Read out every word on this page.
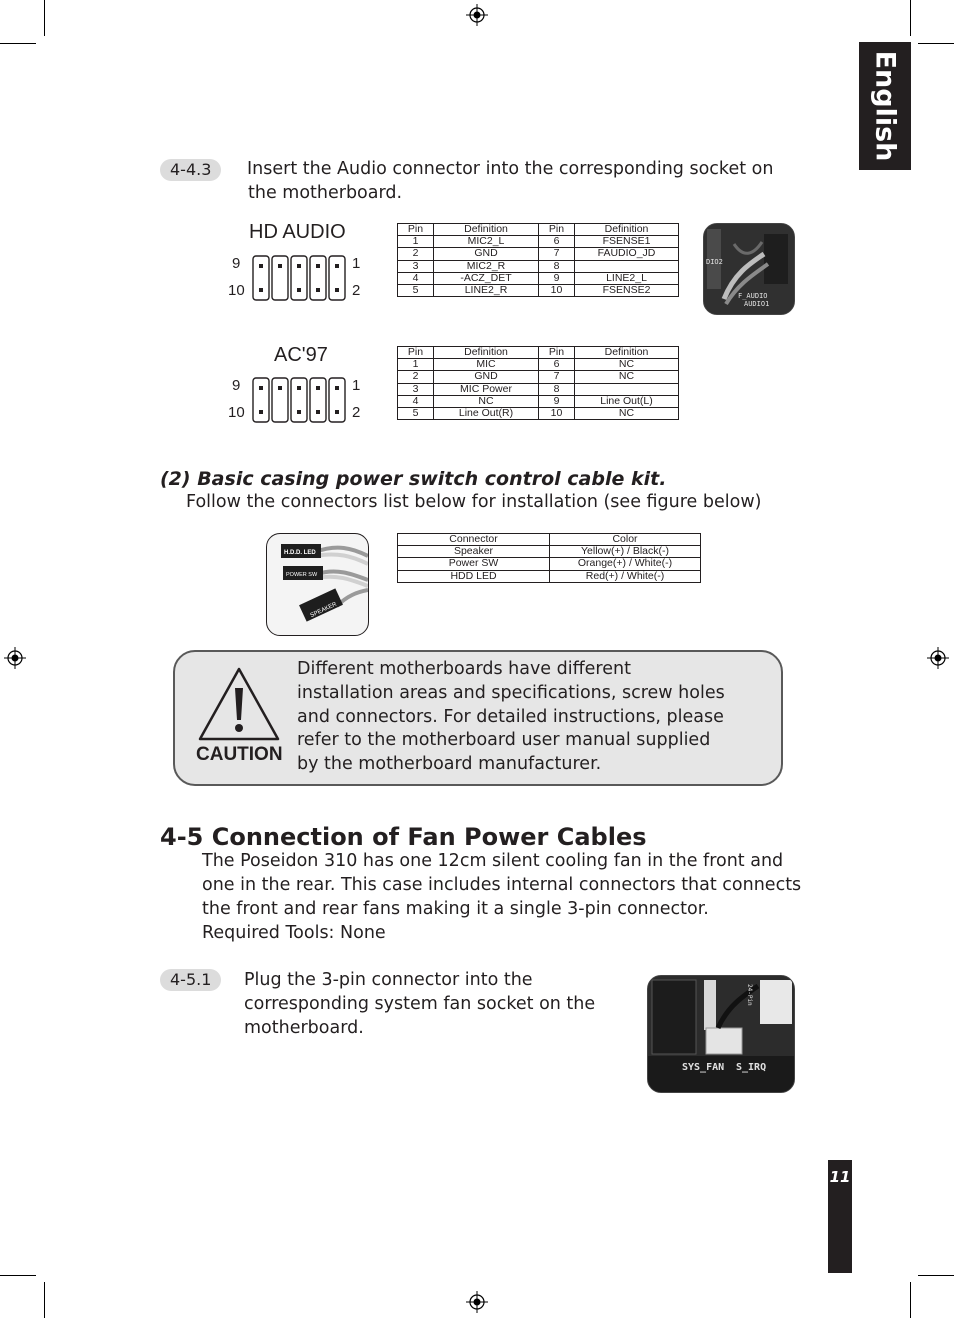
English
4-4.3	Insert the Audio connector into the corresponding socket on
the motherboard.
HD AUDIO
9
10
1
2
Pin	Definition	Pin	Definition
1	MIC2_L	6	FSENSE1
2	GND	7	FAUDIO_JD
3	MIC2_R	8	
4	-ACZ_DET	9	LINE2_L
5	LINE2_R	10	FSENSE2	F_AUDIO
AUDIO1
DIO2
AC'97
9
10
1
2
Pin	Definition	Pin	Definition
1	MIC	6	NC
2	GND	7	NC
3	MIC Power	8	
4	NC	9	Line Out(L)
5	Line Out(R)	10	NC
(2) Basic casing power switch control cable kit.
Follow the connectors list below for installation (see figure below)
H.D.D. LED
POWER SW
SPEAKER
Connector	Color
Speaker	Yellow(+) / Black(-)
Power SW	Orange(+) / White(-)
HDD LED	Red(+) / White(-)
CAUTION
Different motherboards have different
installation areas and specifications, screw holes
and connectors. For detailed instructions, please
refer to the motherboard user manual supplied
by the motherboard manufacturer.
4-5 Connection of Fan Power Cables
The Poseidon 310 has one 12cm silent cooling fan in the front and
one in the rear. This case includes internal connectors that connects
the front and rear fans making it a single 3-pin connector.
Required Tools: None
4-5.1	Plug the 3-pin connector into the
corresponding system fan socket on the
motherboard.
SYS_FAN S_IRQ
24-Pin
11
